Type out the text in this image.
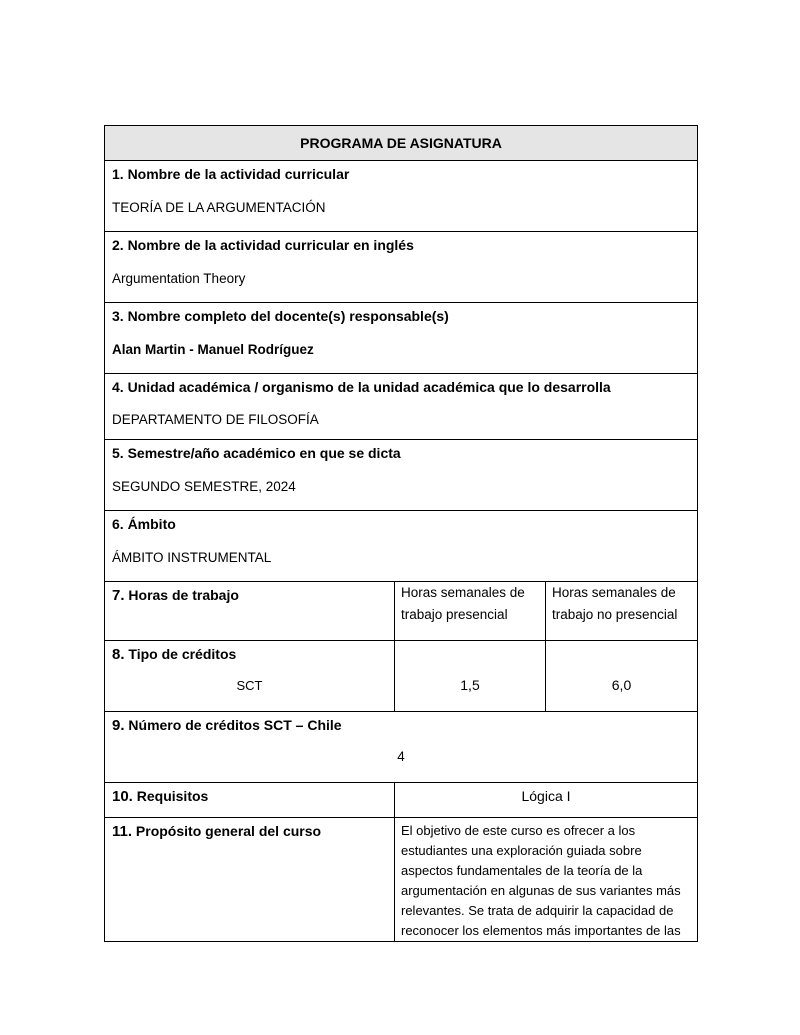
PROGRAMA DE ASIGNATURA		

1. Nombre de la actividad curricular
TEORÍA DE LA ARGUMENTACIÓN		

2. Nombre de la actividad curricular en inglés
Argumentation Theory		

3. Nombre completo del docente(s) responsable(s)
Alan Martin - Manuel Rodríguez		

4. Unidad académica / organismo de la unidad académica que lo desarrolla
DEPARTAMENTO DE FILOSOFÍA		

5. Semestre/año académico en que se dicta
SEGUNDO SEMESTRE, 2024		

6. Ámbito
ÁMBITO INSTRUMENTAL		

7. Horas de trabajo	Horas semanales de trabajo presencial	Horas semanales de trabajo no presencial

8. Tipo de créditos
SCT	1,5	6,0

9. Número de créditos SCT – Chile
4		

10. Requisitos	Lógica I	

11. Propósito general del curso	El objetivo de este curso es ofrecer a los estudiantes una exploración guiada sobre aspectos fundamentales de la teoría de la argumentación en algunas de sus variantes más relevantes. Se trata de adquirir la capacidad de reconocer los elementos más importantes de las	
